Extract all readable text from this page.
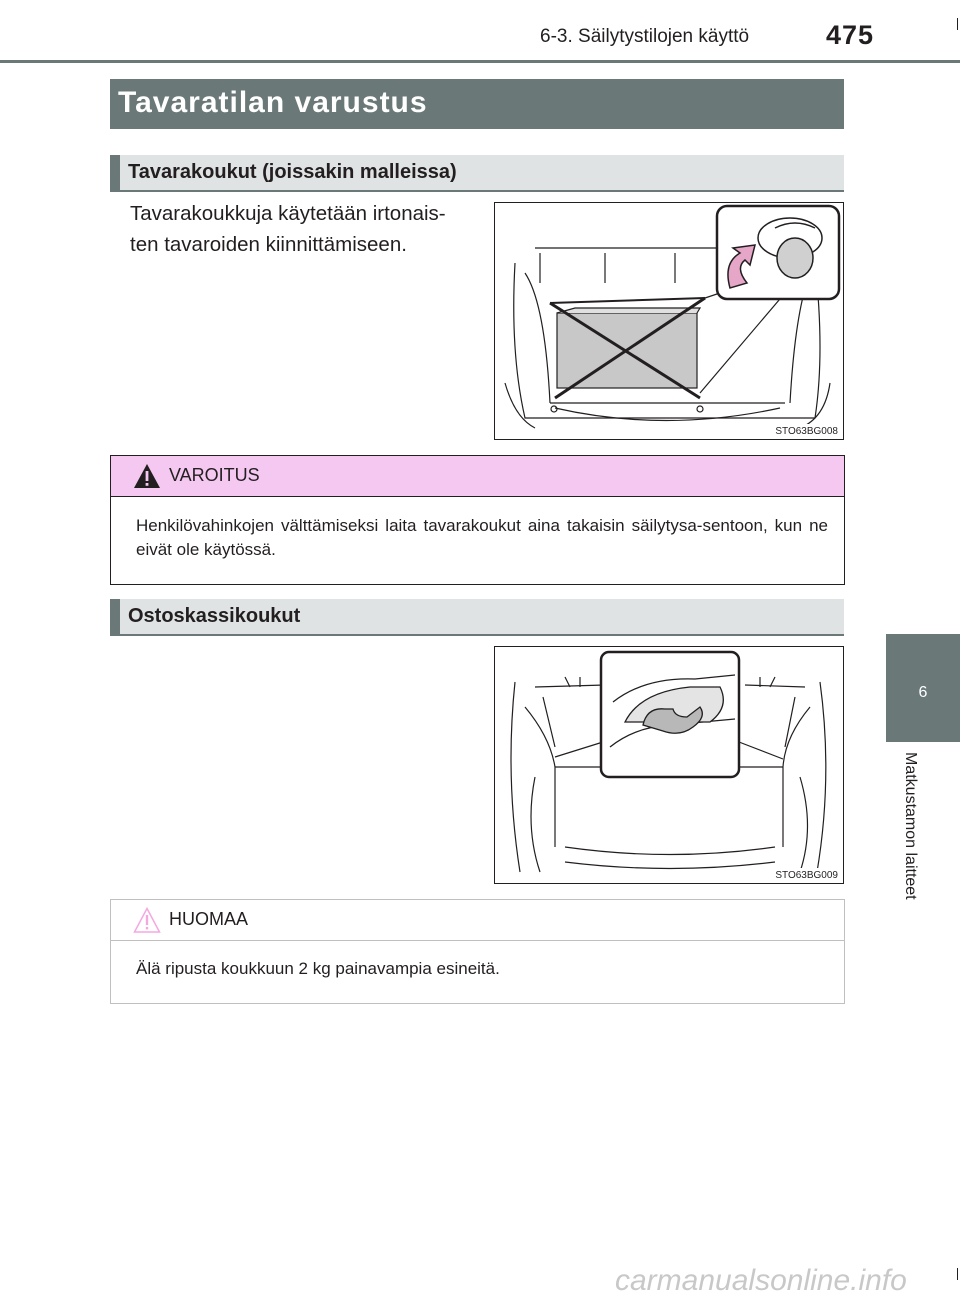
6-3. Säilytystilojen käyttö	475
Tavaratilan varustus
Tavarakoukut (joissakin malleissa)
Tavarakoukkuja käytetään irtonais-
ten tavaroiden kiinnittämiseen.
STO63BG008
VAROITUS
Henkilövahinkojen välttämiseksi laita tavarakoukut aina takaisin säilytysa-sentoon, kun ne eivät ole käytössä.
Ostoskassikoukut
STO63BG009
HUOMAA
Älä ripusta koukkuun 2 kg painavampia esineitä.
6
Matkustamon laitteet
carmanualsonline.info
